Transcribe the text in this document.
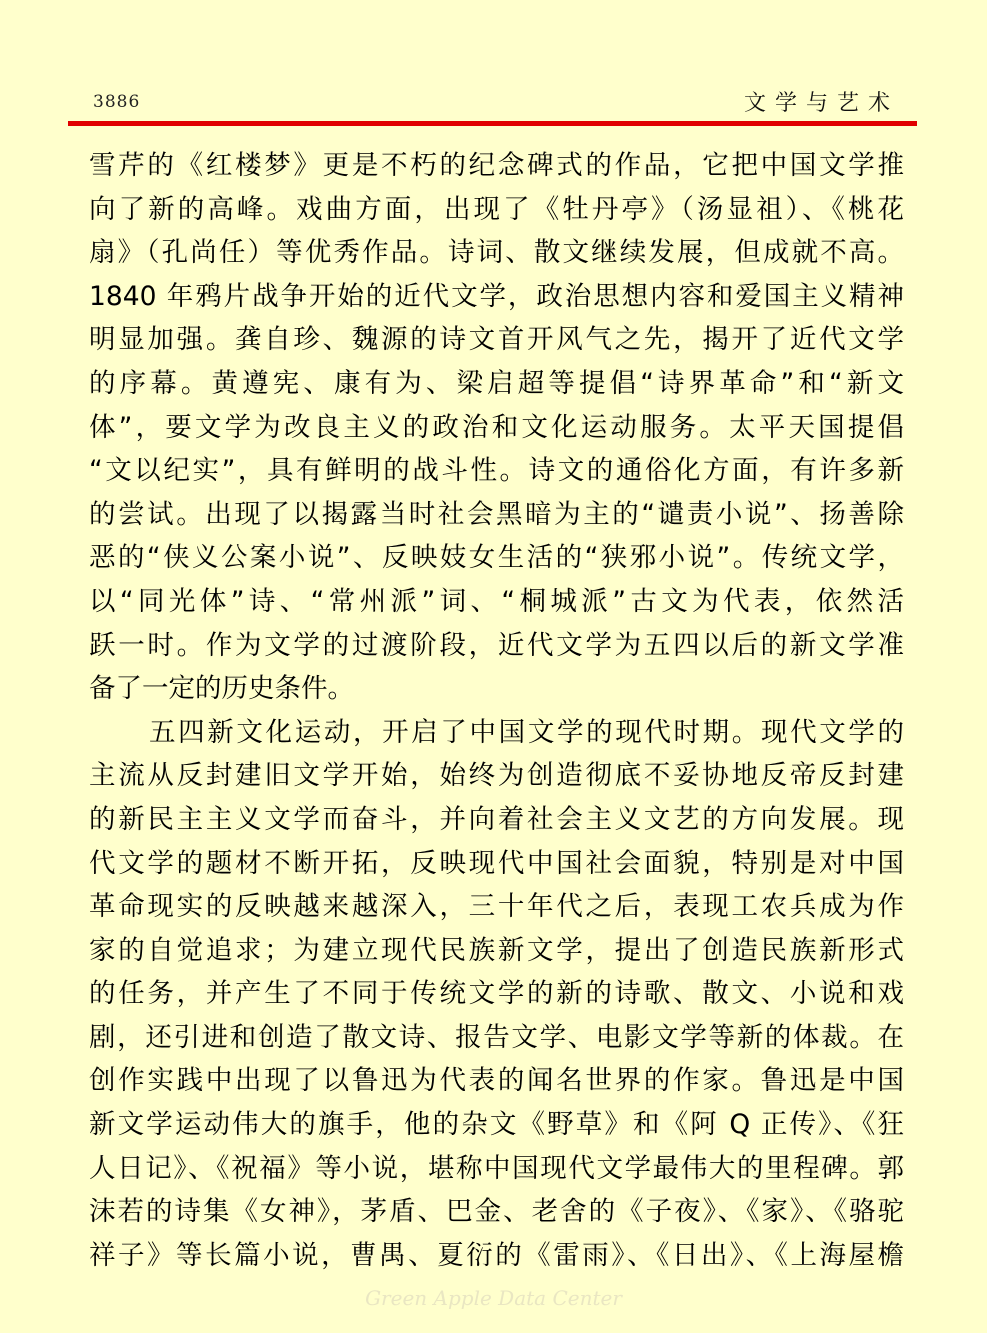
3886	文学与艺术
雪芹的《红楼梦》更是不朽的纪念碑式的作品，它把中国文学推
向了新的高峰。戏曲方面，出现了《牡丹亭》（汤显祖）、《桃花
扇》（孔尚任）等优秀作品。诗词、散文继续发展，但成就不高。
1840 年鸦片战争开始的近代文学，政治思想内容和爱国主义精神
明显加强。龚自珍、魏源的诗文首开风气之先，揭开了近代文学
的序幕。黄遵宪、康有为、梁启超等提倡“诗界革命”和“新文
体”，要文学为改良主义的政治和文化运动服务。太平天国提倡
“文以纪实”，具有鲜明的战斗性。诗文的通俗化方面，有许多新
的尝试。出现了以揭露当时社会黑暗为主的“谴责小说”、扬善除
恶的“侠义公案小说”、反映妓女生活的“狭邪小说”。传统文学，
以“同光体”诗、“常州派”词、“桐城派”古文为代表，依然活
跃一时。作为文学的过渡阶段，近代文学为五四以后的新文学准
备了一定的历史条件。
五四新文化运动，开启了中国文学的现代时期。现代文学的
主流从反封建旧文学开始，始终为创造彻底不妥协地反帝反封建
的新民主主义文学而奋斗，并向着社会主义文艺的方向发展。现
代文学的题材不断开拓，反映现代中国社会面貌，特别是对中国
革命现实的反映越来越深入，三十年代之后，表现工农兵成为作
家的自觉追求；为建立现代民族新文学，提出了创造民族新形式
的任务，并产生了不同于传统文学的新的诗歌、散文、小说和戏
剧，还引进和创造了散文诗、报告文学、电影文学等新的体裁。在
创作实践中出现了以鲁迅为代表的闻名世界的作家。鲁迅是中国
新文学运动伟大的旗手，他的杂文《野草》和《阿 Q 正传》、《狂
人日记》、《祝福》等小说，堪称中国现代文学最伟大的里程碑。郭
沫若的诗集《女神》，茅盾、巴金、老舍的《子夜》、《家》、《骆驼
祥子》等长篇小说，曹禺、夏衍的《雷雨》、《日出》、《上海屋檐
Green Apple Data Center
